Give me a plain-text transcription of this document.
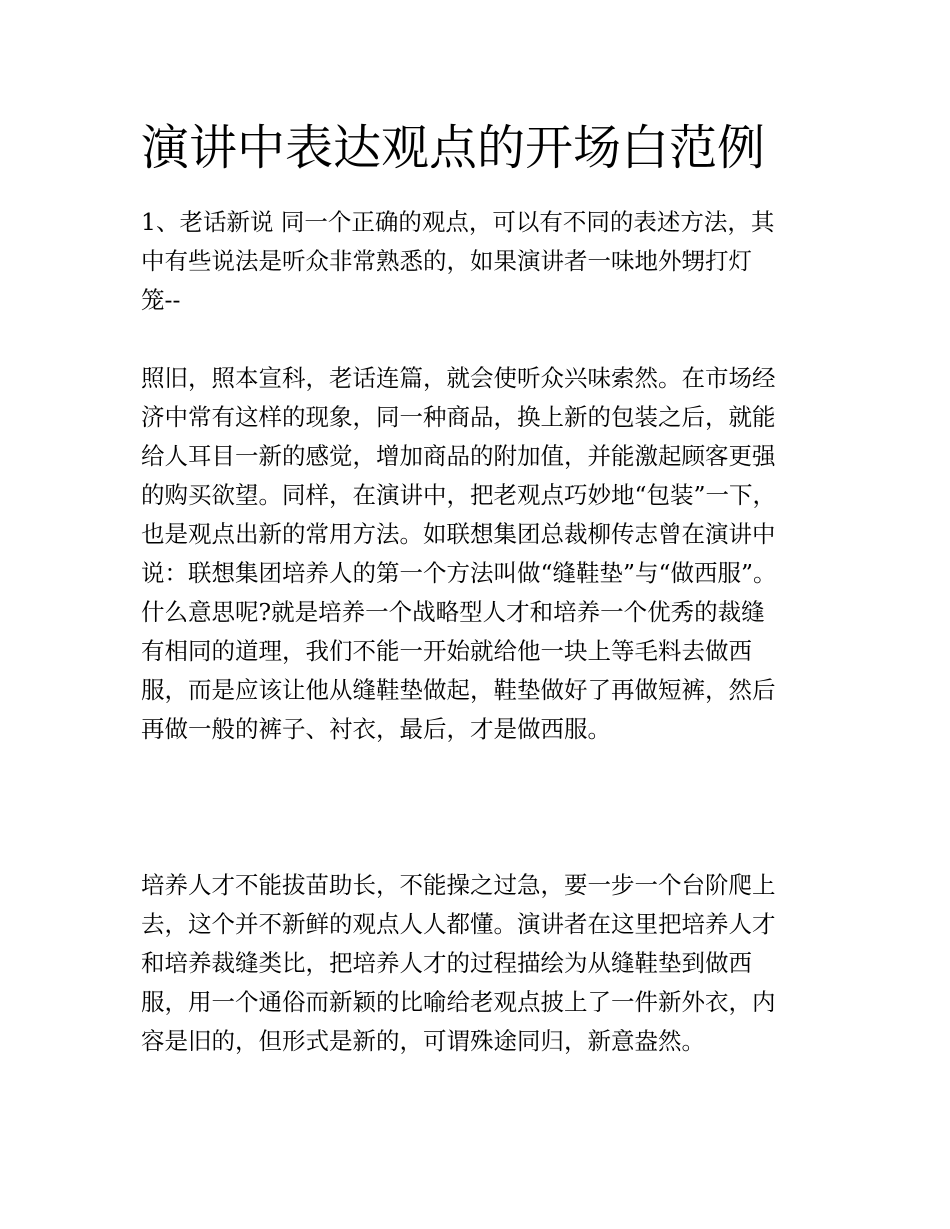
演讲中表达观点的开场白范例
1、老话新说 同一个正确的观点，可以有不同的表述方法，其
中有些说法是听众非常熟悉的，如果演讲者一味地外甥打灯
笼--
照旧，照本宣科，老话连篇，就会使听众兴味索然。在市场经
济中常有这样的现象，同一种商品，换上新的包装之后，就能
给人耳目一新的感觉，增加商品的附加值，并能激起顾客更强
的购买欲望。同样，在演讲中，把老观点巧妙地“包装”一下，
也是观点出新的常用方法。如联想集团总裁柳传志曾在演讲中
说：联想集团培养人的第一个方法叫做“缝鞋垫”与“做西服”。
什么意思呢?就是培养一个战略型人才和培养一个优秀的裁缝
有相同的道理，我们不能一开始就给他一块上等毛料去做西
服，而是应该让他从缝鞋垫做起，鞋垫做好了再做短裤，然后
再做一般的裤子、衬衣，最后，才是做西服。
培养人才不能拔苗助长，不能操之过急，要一步一个台阶爬上
去，这个并不新鲜的观点人人都懂。演讲者在这里把培养人才
和培养裁缝类比，把培养人才的过程描绘为从缝鞋垫到做西
服，用一个通俗而新颖的比喻给老观点披上了一件新外衣，内
容是旧的，但形式是新的，可谓殊途同归，新意盎然。
